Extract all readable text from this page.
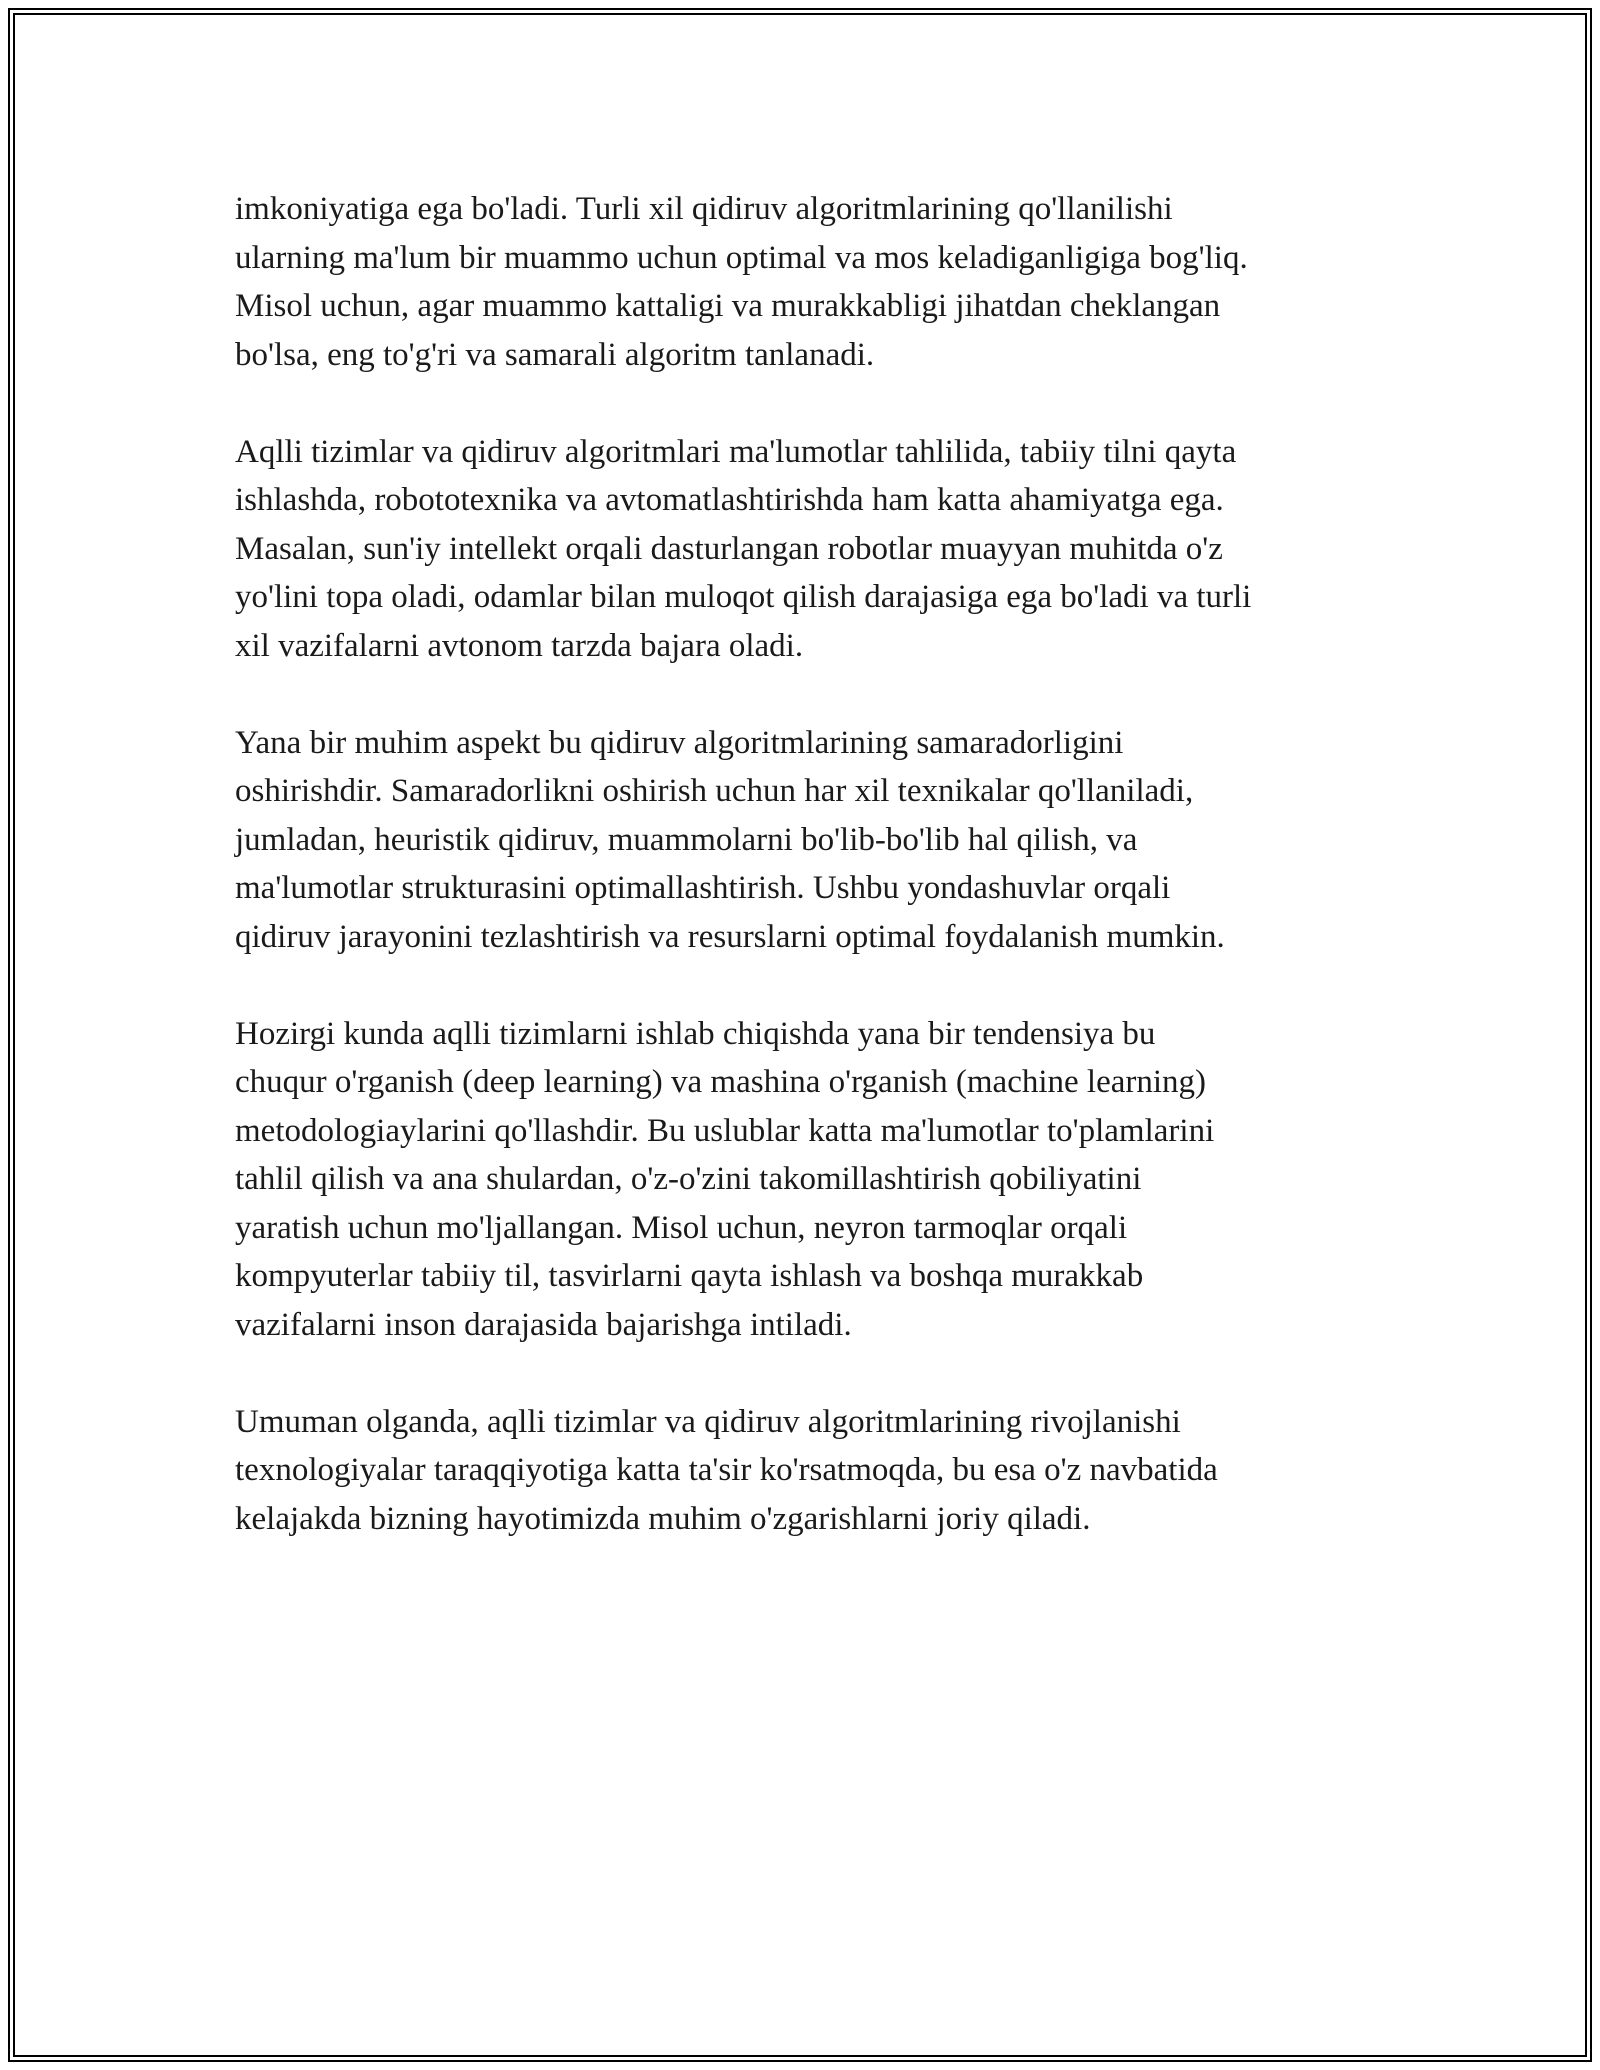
imkoniyatiga ega bo'ladi. Turli xil qidiruv algoritmlarining qo'llanilishi
ularning ma'lum bir muammo uchun optimal va mos keladiganligiga bog'liq.
Misol uchun, agar muammo kattaligi va murakkabligi jihatdan cheklangan
bo'lsa, eng to'g'ri va samarali algoritm tanlanadi.

Aqlli tizimlar va qidiruv algoritmlari ma'lumotlar tahlilida, tabiiy tilni qayta
ishlashda, robototexnika va avtomatlashtirishda ham katta ahamiyatga ega.
Masalan, sun'iy intellekt orqali dasturlangan robotlar muayyan muhitda o'z
yo'lini topa oladi, odamlar bilan muloqot qilish darajasiga ega bo'ladi va turli
xil vazifalarni avtonom tarzda bajara oladi.

Yana bir muhim aspekt bu qidiruv algoritmlarining samaradorligini
oshirishdir. Samaradorlikni oshirish uchun har xil texnikalar qo'llaniladi,
jumladan, heuristik qidiruv, muammolarni bo'lib-bo'lib hal qilish, va
ma'lumotlar strukturasini optimallashtirish. Ushbu yondashuvlar orqali
qidiruv jarayonini tezlashtirish va resurslarni optimal foydalanish mumkin.

Hozirgi kunda aqlli tizimlarni ishlab chiqishda yana bir tendensiya bu
chuqur o'rganish (deep learning) va mashina o'rganish (machine learning)
metodologiaylarini qo'llashdir. Bu uslublar katta ma'lumotlar to'plamlarini
tahlil qilish va ana shulardan, o'z-o'zini takomillashtirish qobiliyatini
yaratish uchun mo'ljallangan. Misol uchun, neyron tarmoqlar orqali
kompyuterlar tabiiy til, tasvirlarni qayta ishlash va boshqa murakkab
vazifalarni inson darajasida bajarishga intiladi.

Umuman olganda, aqlli tizimlar va qidiruv algoritmlarining rivojlanishi
texnologiyalar taraqqiyotiga katta ta'sir ko'rsatmoqda, bu esa o'z navbatida
kelajakda bizning hayotimizda muhim o'zgarishlarni joriy qiladi.
